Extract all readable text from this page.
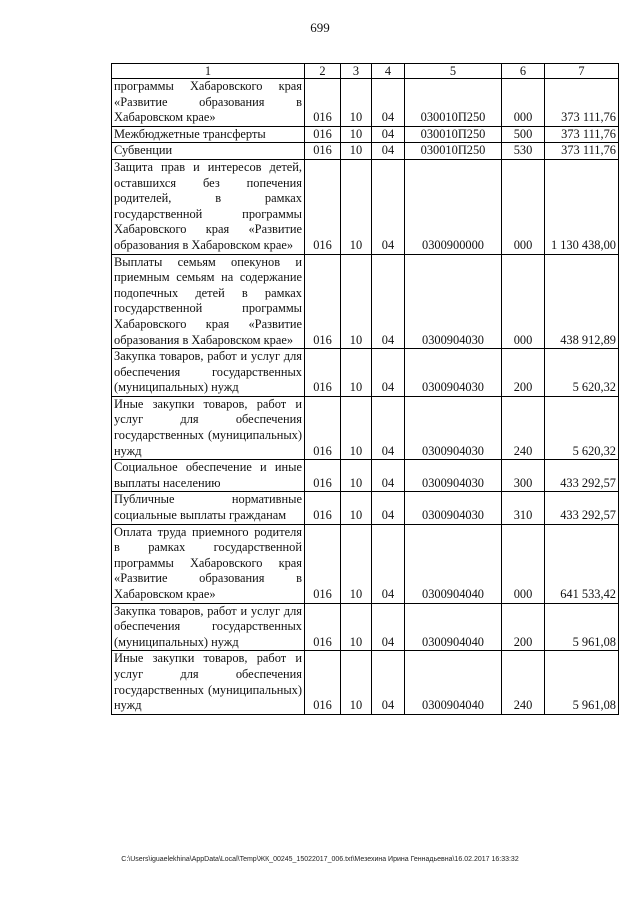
699
1	2	3	4	5	6	7
программы Хабаровского края «Развитие образования в Хабаровском крае»	016	10	04	030010П250	000	373 111,76
Межбюджетные трансферты	016	10	04	030010П250	500	373 111,76
Субвенции	016	10	04	030010П250	530	373 111,76
Защита прав и интересов детей, оставшихся без попечения родителей, в рамках государственной программы Хабаровского края «Развитие образования в Хабаровском крае»	016	10	04	0300900000	000	1 130 438,00
Выплаты семьям опекунов и приемным семьям на содержание подопечных детей в рамках государственной программы Хабаровского края «Развитие образования в Хабаровском крае»	016	10	04	0300904030	000	438 912,89
Закупка товаров, работ и услуг для обеспечения государственных (муниципальных) нужд	016	10	04	0300904030	200	5 620,32
Иные закупки товаров, работ и услуг для обеспечения государственных (муниципальных) нужд	016	10	04	0300904030	240	5 620,32
Социальное обеспечение и иные выплаты населению	016	10	04	0300904030	300	433 292,57
Публичные нормативные социальные выплаты гражданам	016	10	04	0300904030	310	433 292,57
Оплата труда приемного родителя в рамках государственной программы Хабаровского края «Развитие образования в Хабаровском крае»	016	10	04	0300904040	000	641 533,42
Закупка товаров, работ и услуг для обеспечения государственных (муниципальных) нужд	016	10	04	0300904040	200	5 961,08
Иные закупки товаров, работ и услуг для обеспечения государственных (муниципальных) нужд	016	10	04	0300904040	240	5 961,08
C:\Users\iguaelekhina\AppData\Local\Temp\ЖК_00245_15022017_006.txt\Мезехина Ирина Геннадьевна\16.02.2017 16:33:32
